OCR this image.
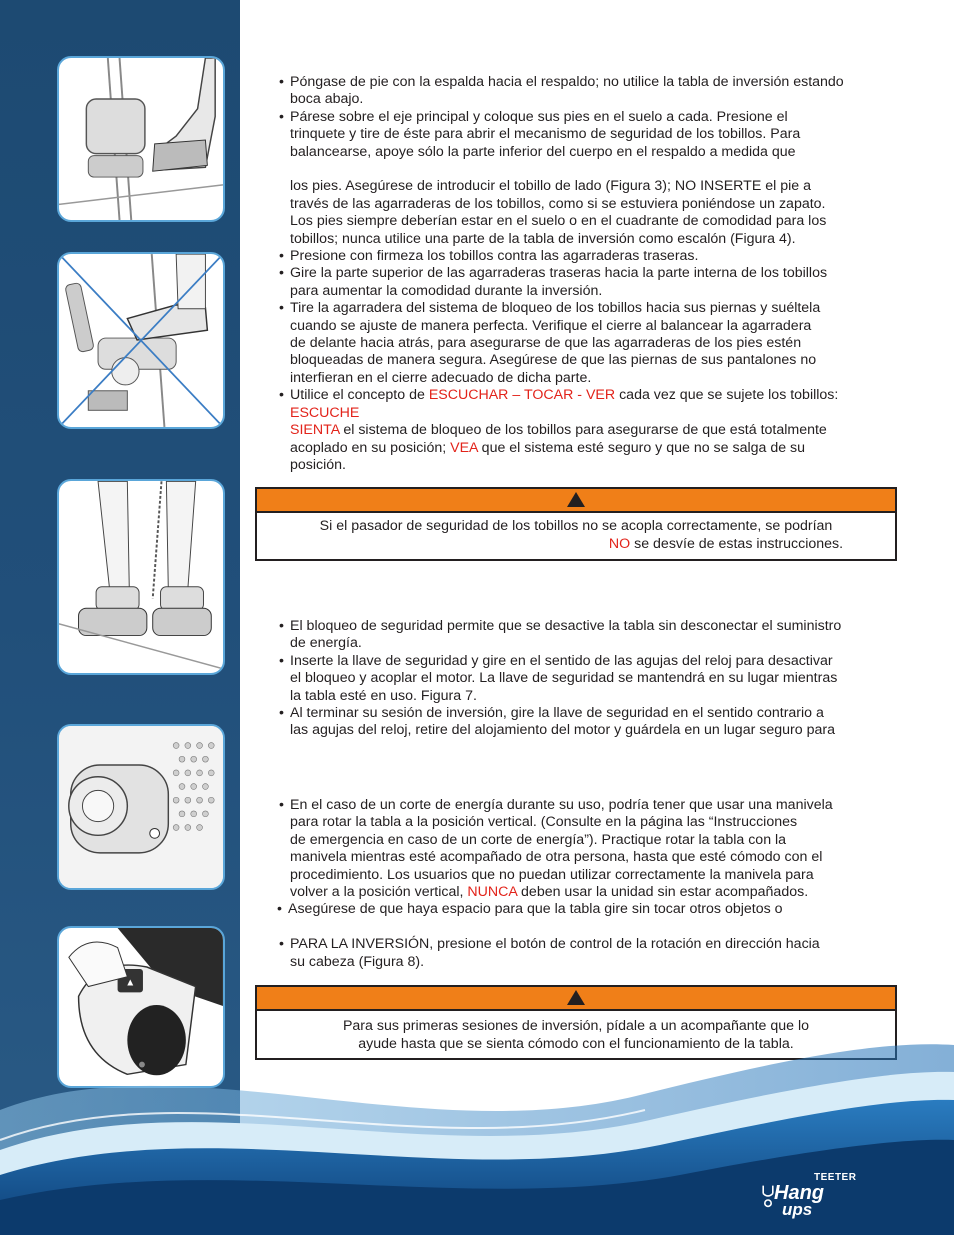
▲

• Póngase de pie con la espalda hacia el respaldo; no utilice la tabla de inversión estando
boca abajo.

• Párese sobre el eje principal y coloque sus pies en el suelo a cada. Presione el
trinquete y tire de éste para abrir el mecanismo de seguridad de los tobillos. Para
balancearse, apoye sólo la parte inferior del cuerpo en el respaldo a medida que

los pies. Asegúrese de introducir el tobillo de lado (Figura 3); NO INSERTE el pie a
través de las agarraderas de los tobillos, como si se estuviera poniéndose un zapato.
Los pies siempre deberían estar en el suelo o en el cuadrante de comodidad para los
tobillos; nunca utilice una parte de la tabla de inversión como escalón (Figura 4).

• Presione con firmeza los tobillos contra las agarraderas traseras.

• Gire la parte superior de las agarraderas traseras hacia la parte interna de los tobillos
para aumentar la comodidad durante la inversión.

• Tire la agarradera del sistema de bloqueo de los tobillos hacia sus piernas y suéltela
cuando se ajuste de manera perfecta. Verifique el cierre al balancear la agarradera
de delante hacia atrás, para asegurarse de que las agarraderas de los pies estén
bloqueadas de manera segura. Asegúrese de que las piernas de sus pantalones no
interfieran en el cierre adecuado de dicha parte.

• Utilice el concepto de ESCUCHAR – TOCAR - VER cada vez que se sujete los tobillos:
ESCUCHE
SIENTA el sistema de bloqueo de los tobillos para asegurarse de que está totalmente
acoplado en su posición; VEA que el sistema esté seguro y que no se salga de su
posición.

Si el pasador de seguridad de los tobillos no se acopla correctamente, se podrían
NO se desvíe de estas instrucciones.

• El bloqueo de seguridad permite que se desactive la tabla sin desconectar el suministro
de energía.

• Inserte la llave de seguridad y gire en el sentido de las agujas del reloj para desactivar
el bloqueo y acoplar el motor. La llave de seguridad se mantendrá en su lugar mientras
la tabla esté en uso. Figura 7.

• Al terminar su sesión de inversión, gire la llave de seguridad en el sentido contrario a
las agujas del reloj, retire del alojamiento del motor y guárdela en un lugar seguro para

• En el caso de un corte de energía durante su uso, podría tener que usar una manivela
para rotar la tabla a la posición vertical. (Consulte en la página las “Instrucciones
de emergencia en caso de un corte de energía”). Practique rotar la tabla con la
manivela mientras esté acompañado de otra persona, hasta que esté cómodo con el
procedimiento. Los usuarios que no puedan utilizar correctamente la manivela para
volver a la posición vertical, NUNCA deben usar la unidad sin estar acompañados.

• Asegúrese de que haya espacio para que la tabla gire sin tocar otros objetos o

• PARA LA INVERSIÓN, presione el botón de control de la rotación en dirección hacia
su cabeza (Figura 8).

Para sus primeras sesiones de inversión, pídale a un acompañante que lo
ayude hasta que se sienta cómodo con el funcionamiento de la tabla.
TEETER
Hang
ups
